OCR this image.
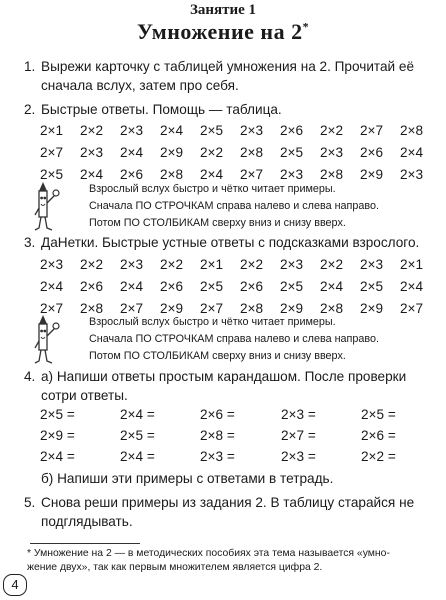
Занятие 1
Умножение на 2*
1. Вырежи карточку с таблицей умножения на 2. Прочитай её
сначала вслух, затем про себя.
2. Быстрые ответы. Помощь — таблица.
2×1 2×2 2×3 2×4 2×5 2×3 2×6 2×2 2×7 2×8
2×7 2×3 2×4 2×9 2×2 2×8 2×5 2×3 2×6 2×4
2×5 2×4 2×6 2×8 2×4 2×7 2×3 2×8 2×9 2×3
Взрослый вслух быстро и чётко читает примеры.
Сначала ПО СТРОЧКАМ справа налево и слева направо.
Потом ПО СТОЛБИКАМ сверху вниз и снизу вверх.
3. ДаНетки. Быстрые устные ответы с подсказками взрослого.
2×3 2×2 2×3 2×2 2×1 2×2 2×3 2×2 2×3 2×1
2×4 2×6 2×4 2×6 2×5 2×6 2×5 2×4 2×5 2×4
2×7 2×8 2×7 2×9 2×7 2×8 2×9 2×8 2×9 2×7
Взрослый вслух быстро и чётко читает примеры.
Сначала ПО СТРОЧКАМ справа налево и слева направо.
Потом ПО СТОЛБИКАМ сверху вниз и снизу вверх.
4. а) Напиши ответы простым карандашом. После проверки
сотри ответы.
2×5 =	2×4 =	2×6 =	2×3 =	2×5 =
2×9 =	2×5 =	2×8 =	2×7 =	2×6 =
2×4 =	2×4 =	2×3 =	2×3 =	2×2 =
б) Напиши эти примеры с ответами в тетрадь.
5. Снова реши примеры из задания 2. В таблицу старайся не
подглядывать.
* Умножение на 2 — в методических пособиях эта тема называется «умно-
жение двух», так как первым множителем является цифра 2.
4
